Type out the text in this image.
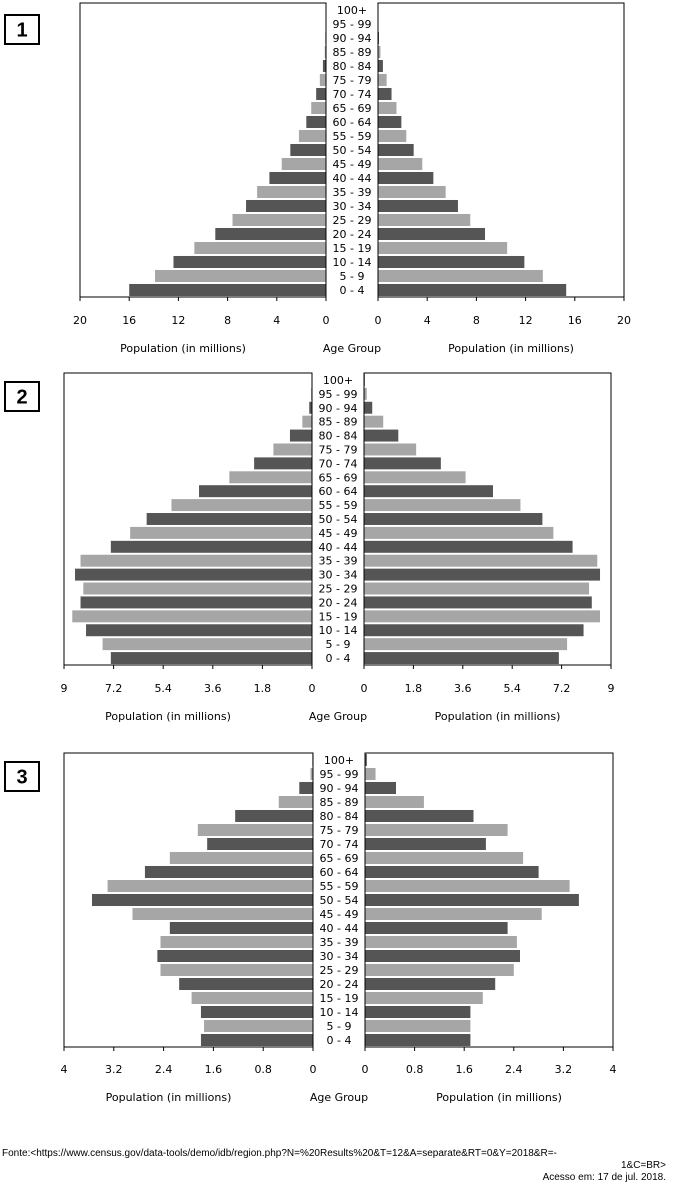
1
0 - 4
5 - 9
10 - 14
15 - 19
20 - 24
25 - 29
30 - 34
35 - 39
40 - 44
45 - 49
50 - 54
55 - 59
60 - 64
65 - 69
70 - 74
75 - 79
80 - 84
85 - 89
90 - 94
95 - 99
100+
20	16	12	8	4	0	0	4	8	12	16	20
Population (in millions)	Age Group	Population (in millions)
2
0 - 4
5 - 9
10 - 14
15 - 19
20 - 24
25 - 29
30 - 34
35 - 39
40 - 44
45 - 49
50 - 54
55 - 59
60 - 64
65 - 69
70 - 74
75 - 79
80 - 84
85 - 89
90 - 94
95 - 99
100+
9	7.2	5.4	3.6	1.8	0	0	1.8	3.6	5.4	7.2	9
Population (in millions)	Age Group	Population (in millions)
3
0 - 4
5 - 9
10 - 14
15 - 19
20 - 24
25 - 29
30 - 34
35 - 39
40 - 44
45 - 49
50 - 54
55 - 59
60 - 64
65 - 69
70 - 74
75 - 79
80 - 84
85 - 89
90 - 94
95 - 99
100+
4	3.2	2.4	1.6	0.8	0	0	0.8	1.6	2.4	3.2	4
Population (in millions)	Age Group	Population (in millions)
Fonte:<https://www.census.gov/data-tools/demo/idb/region.php?N=%20Results%20&T=12&A=separate&RT=0&Y=2018&R=-
1&C=BR>
Acesso em: 17 de jul. 2018.
